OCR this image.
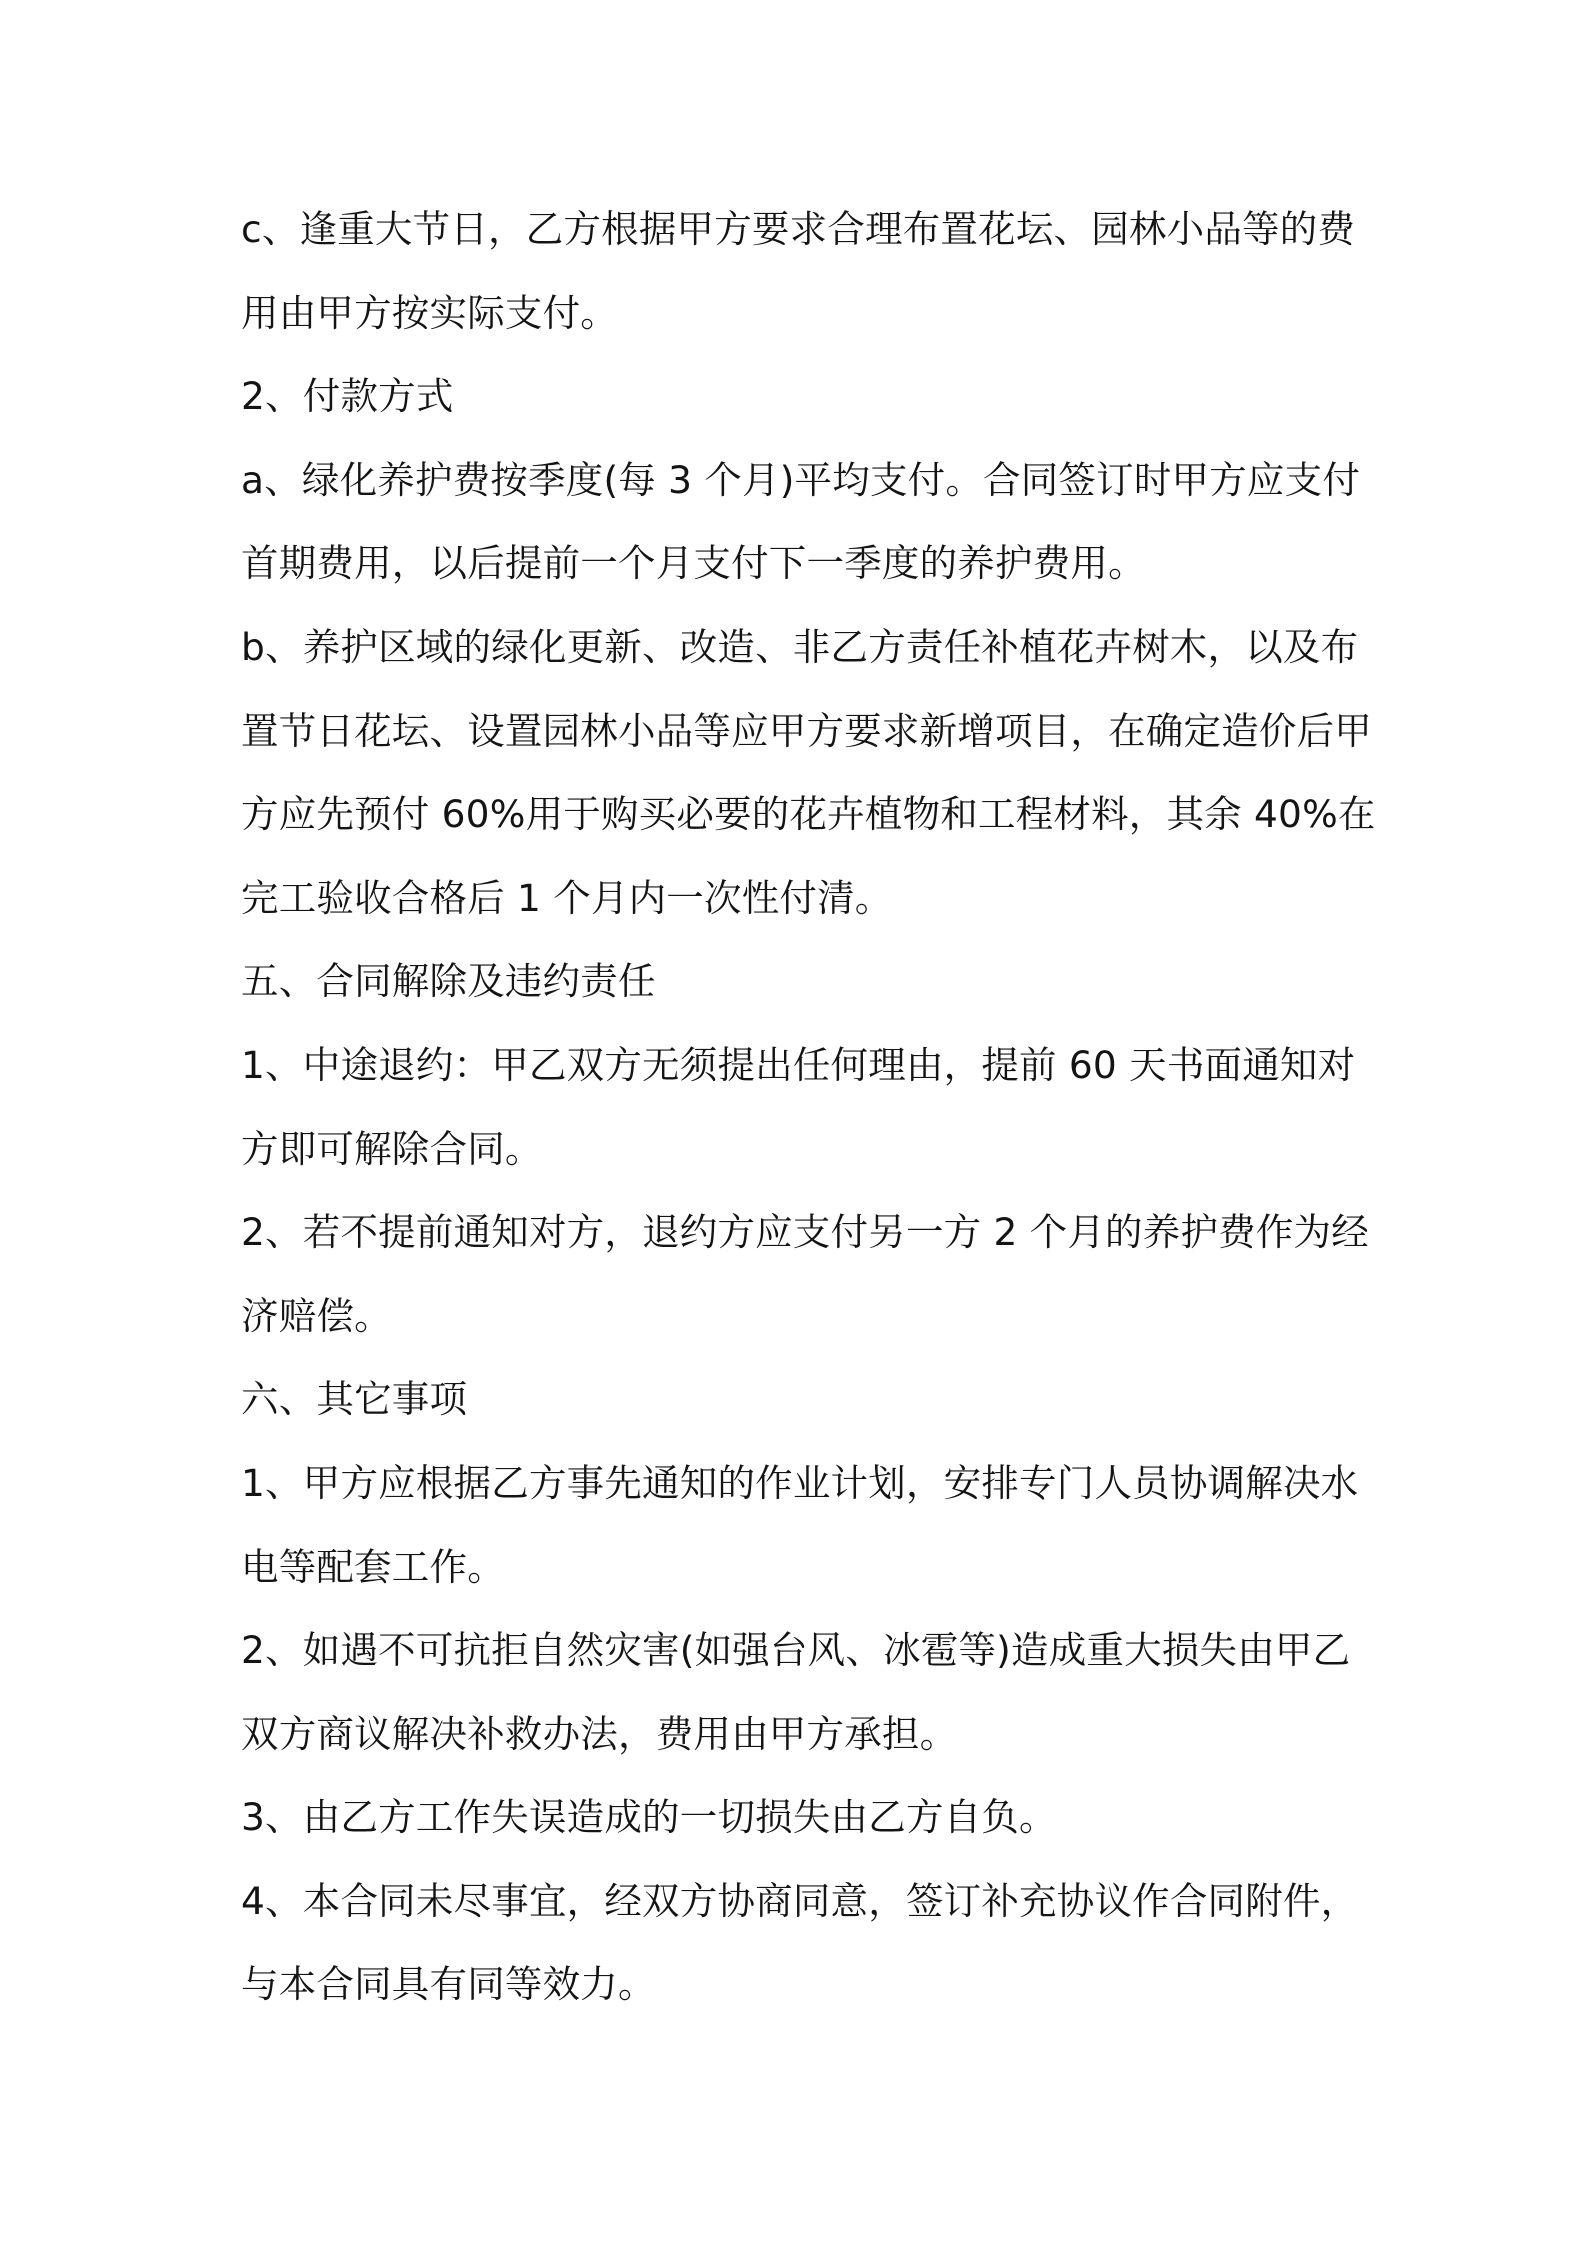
c、逢重大节日，乙方根据甲方要求合理布置花坛、园林小品等的费
用由甲方按实际支付。
2、付款方式
a、绿化养护费按季度(每 3 个月)平均支付。合同签订时甲方应支付
首期费用，以后提前一个月支付下一季度的养护费用。
b、养护区域的绿化更新、改造、非乙方责任补植花卉树木，以及布
置节日花坛、设置园林小品等应甲方要求新增项目，在确定造价后甲
方应先预付 60%用于购买必要的花卉植物和工程材料，其余 40%在
完工验收合格后 1 个月内一次性付清。
五、合同解除及违约责任
1、中途退约：甲乙双方无须提出任何理由，提前 60 天书面通知对
方即可解除合同。
2、若不提前通知对方，退约方应支付另一方 2 个月的养护费作为经
济赔偿。
六、其它事项
1、甲方应根据乙方事先通知的作业计划，安排专门人员协调解决水
电等配套工作。
2、如遇不可抗拒自然灾害(如强台风、冰雹等)造成重大损失由甲乙
双方商议解决补救办法，费用由甲方承担。
3、由乙方工作失误造成的一切损失由乙方自负。
4、本合同未尽事宜，经双方协商同意，签订补充协议作合同附件，
与本合同具有同等效力。
